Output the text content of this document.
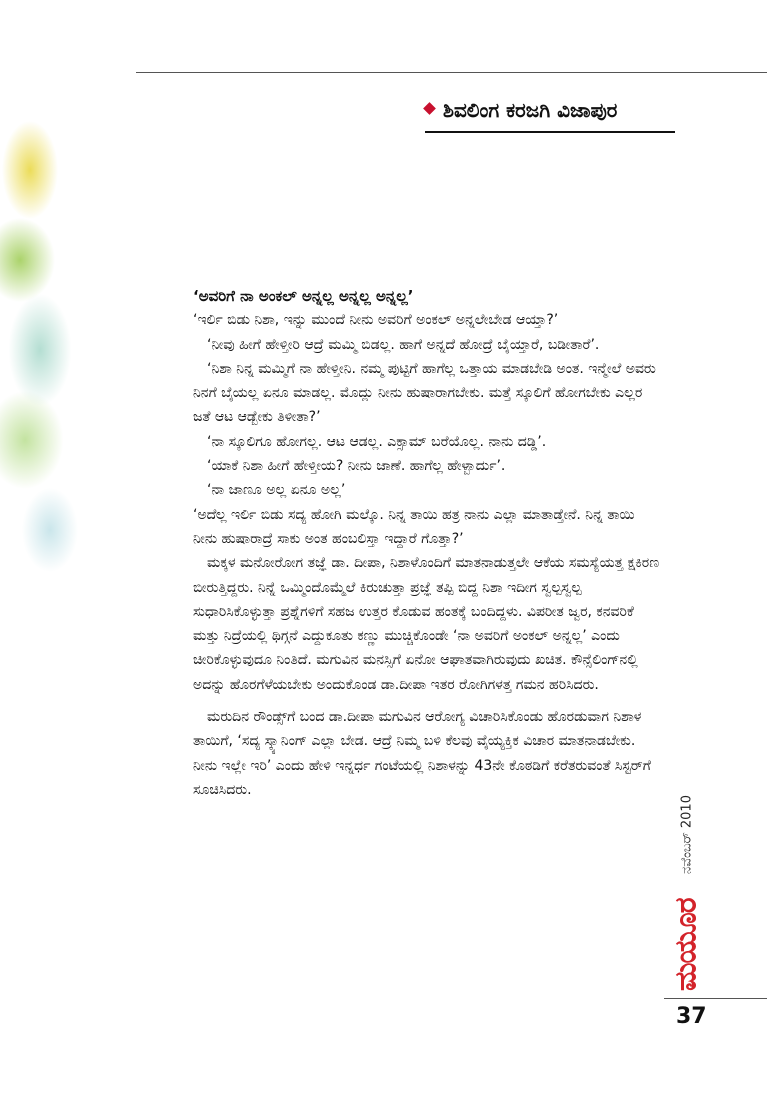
ಶಿವಲಿಂಗ ಕರಜಗಿ ವಿಜಾಪುರ

‘ಅವರಿಗೆ ನಾ ಅಂಕಲ್ ಅನ್ನಲ್ಲ ಅನ್ನಲ್ಲ ಅನ್ನಲ್ಲ’

‘ಇರ್ಲಿ ಬಿಡು ನಿಶಾ, ಇನ್ನು ಮುಂದೆ ನೀನು ಅವರಿಗೆ ಅಂಕಲ್ ಅನ್ನಲೇಬೇಡ ಆಯ್ತಾ?’

‘ನೀವು ಹೀಗೆ ಹೇಳ್ತೀರಿ ಆದ್ರೆ ಮಮ್ಮಿ ಬಿಡಲ್ಲ. ಹಾಗೆ ಅನ್ನದೆ ಹೋದ್ರೆ ಬೈಯ್ತಾರೆ, ಬಡೀತಾರೆ’.

‘ನಿಶಾ ನಿನ್ನ ಮಮ್ಮಿಗೆ ನಾ ಹೇಳ್ತೀನಿ. ನಮ್ಮ ಪುಟ್ಟಿಗೆ ಹಾಗೆಲ್ಲ ಒತ್ತಾಯ ಮಾಡಬೇಡಿ ಅಂತ. ಇನ್ಮೇಲೆ ಅವರು ನಿನಗೆ ಬೈಯಲ್ಲ ಏನೂ ಮಾಡಲ್ಲ. ಮೊದ್ಲು ನೀನು ಹುಷಾರಾಗಬೇಕು. ಮತ್ತೆ ಸ್ಕೂಲಿಗೆ ಹೋಗಬೇಕು ಎಲ್ಲರ ಜತೆ ಆಟ ಆಡ್ಬೇಕು ತಿಳೀತಾ?’

‘ನಾ ಸ್ಕೂಲಿಗೂ ಹೋಗಲ್ಲ. ಆಟ ಆಡಲ್ಲ. ಎಕ್ಸಾಮ್ ಬರೆಯೊಲ್ಲ. ನಾನು ದಡ್ಡಿ’.

‘ಯಾಕೆ ನಿಶಾ ಹೀಗೆ ಹೇಳ್ತೀಯ? ನೀನು ಜಾಣೆ. ಹಾಗೆಲ್ಲ ಹೇಳ್ಬಾರ್ದು’.

‘ನಾ ಜಾಣೂ ಅಲ್ಲ ಏನೂ ಅಲ್ಲ’

‘ಅದೆಲ್ಲ ಇರ್ಲಿ ಬಿಡು ಸದ್ಯ ಹೋಗಿ ಮಲ್ಕೊ. ನಿನ್ನ ತಾಯಿ ಹತ್ರ ನಾನು ಎಲ್ಲಾ ಮಾತಾಡ್ತೇನೆ. ನಿನ್ನ ತಾಯಿ ನೀನು ಹುಷಾರಾದ್ರೆ ಸಾಕು ಅಂತ ಹಂಬಲಿಸ್ತಾ ಇದ್ದಾರೆ ಗೊತ್ತಾ?’

ಮಕ್ಕಳ ಮನೋರೋಗ ತಜ್ಞೆ ಡಾ. ದೀಪಾ, ನಿಶಾಳೊಂದಿಗೆ ಮಾತನಾಡುತ್ತಲೇ ಆಕೆಯ ಸಮಸ್ಯೆಯತ್ತ ಕ್ಷಕಿರಣ ಬೀರುತ್ತಿದ್ದರು. ನಿನ್ನೆ ಒಮ್ಮಿಂದೊಮ್ಮೆಲೆ ಕಿರುಚುತ್ತಾ ಪ್ರಜ್ಞೆ ತಪ್ಪಿ ಬಿದ್ದ ನಿಶಾ ಇದೀಗ ಸ್ವಲ್ಪಸ್ವಲ್ಪ ಸುಧಾರಿಸಿಕೊಳ್ಳುತ್ತಾ ಪ್ರಶ್ನೆಗಳಿಗೆ ಸಹಜ ಉತ್ತರ ಕೊಡುವ ಹಂತಕ್ಕೆ ಬಂದಿದ್ದಳು. ವಿಪರೀತ ಜ್ವರ, ಕನವರಿಕೆ ಮತ್ತು ನಿದ್ರೆಯಲ್ಲಿ ಥಿಗ್ಗನೆ ಎದ್ದುಕೂತು ಕಣ್ಣು ಮುಚ್ಚಿಕೊಂಡೇ ‘ನಾ ಅವರಿಗೆ ಅಂಕಲ್ ಅನ್ನಲ್ಲ’ ಎಂದು ಚೀರಿಕೊಳ್ಳುವುದೂ ನಿಂತಿದೆ. ಮಗುವಿನ ಮನಸ್ಸಿಗೆ ಏನೋ ಆಘಾತವಾಗಿರುವುದು ಖಚಿತ. ಕೌನ್ಸೆಲಿಂಗ್‌ನಲ್ಲಿ ಅದನ್ನು ಹೊರಗೆಳೆಯಬೇಕು ಅಂದುಕೊಂಡ ಡಾ.ದೀಪಾ ಇತರ ರೋಗಿಗಳತ್ತ ಗಮನ ಹರಿಸಿದರು.

ಮರುದಿನ ರೌಂಡ್ಸ್‌ಗೆ ಬಂದ ಡಾ.ದೀಪಾ ಮಗುವಿನ ಆರೋಗ್ಯ ವಿಚಾರಿಸಿಕೊಂಡು ಹೊರಡುವಾಗ ನಿಶಾಳ ತಾಯಿಗೆ, ‘ಸದ್ಯ ಸ್ಕ್ಯಾನಿಂಗ್ ಎಲ್ಲಾ ಬೇಡ. ಆದ್ರೆ ನಿಮ್ಮ ಬಳಿ ಕೆಲವು ವೈಯ್ಯಕ್ತಿಕ ವಿಚಾರ ಮಾತನಾಡಬೇಕು. ನೀನು ಇಲ್ಲೇ ಇರಿ’ ಎಂದು ಹೇಳಿ ಇನ್ನರ್ಧ ಗಂಟೆಯಲ್ಲಿ ನಿಶಾಳನ್ನು 43ನೇ ಕೊಠಡಿಗೆ ಕರೆತರುವಂತೆ ಸಿಸ್ಟರ್‌ಗೆ ಸೂಚಿಸಿದರು.

ನವೆಂಬರ್ 2010
ಮಯೂರ
37
